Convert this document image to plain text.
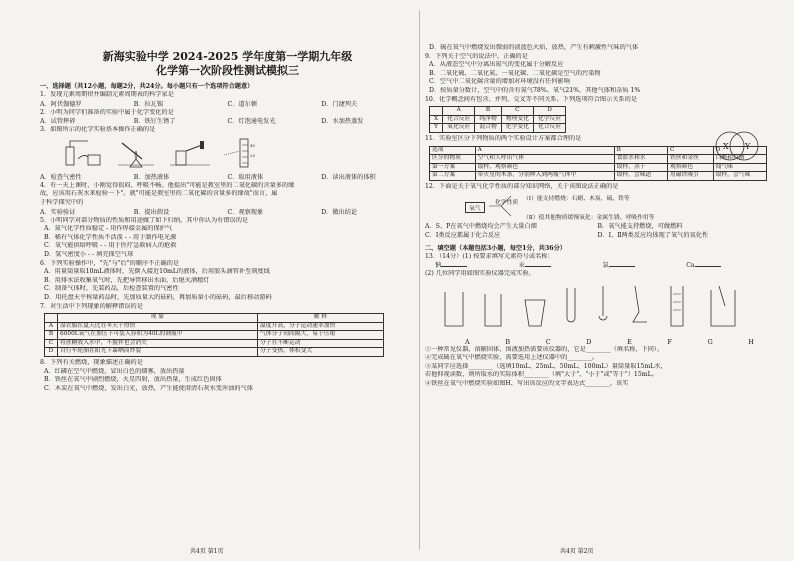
新海实验中学 2024-2025 学年度第一学期九年级
化学第一次阶段性测试模拟三
一、选择题（共12小题，每题2分，共24分。每小题只有一个选项符合题意）
1．发现元素周期律并编制元素周期表的科学家是
A．阿伏伽德罗	B．拉瓦锡	C．道尔顿	D．门捷列夫
2．小明为同学们准备的实验中属于化学变化的是
A．试管摔碎	B．铁钉生锈了	C．灯泡通电发光	D．水加热蒸发
3．如图所示的化学实验基本操作正确的是
40
20
A．检查气密性	B．加热液体	C．取用液体	D．读出液体的体积
4．有一天上课时，小刚觉得很闷、呼吸不畅。他提出"可能是教室里的二氧化碳的含量多的缘
故，应该用石灰水来检验一下"。就"可能是教室里的二氧化碳的含量多的缘故"而言，属
于科学探究中的
A．实验验证	B．提出假设	C．观察现象	D．做出结论
5．小明同学对部分物质的性质和用途做了如下归纳，其中你认为有错误的是
A．氮气化学性质稳定 - 用作焊接金属的保护气
B．稀有气体化学性质不活泼 - - 用于制作电光源
C．氧气能供给呼吸 - - 用于医疗急救病人的抢救
D．氢气密度小 - - 填充探空气球
6．下列实验操作中，"先"与"后"的顺序不正确的是
A．用量筒量取10mL液体时，先倒入接近10mL的液体，后用胶头滴管补至刻度线
B．用排水法收集氧气时，先把导管移出水面，后熄灭酒精灯
C．制备气体时，先装药品，后检查装置的气密性
D．用托盘天平称量药品时，先加质量大的砝码，再加质量小的砝码，最后移动游码
7．对生活中下列现象的解释错误的是
	现 象	解 释
A	湿衣服在夏天比在冬天干得快	温度升高，分子运动速率加快
B	6000L氧气在加压下可装入容积为40L的钢瓶中	气体分子间间隔大，易于压缩
C	将蔗糖放入水中，不搅拌也会消失	分子在不断运动
D	自行车轮胎在阳光下暴晒而炸裂	分子受热，体积变大
8．下列有关燃烧，现象描述正确的是
A．红磷在空气中燃烧，冒出白色的烟雾，放出热量
B．铁丝在氧气中剧烈燃烧，火星四射，放出热量，生成红色固体
C．木炭在氧气中燃烧，发出白光，放热，产生能使澄清石灰水变浑浊的气体
共4页 第1页
D．硫在氧气中燃烧发出微弱的淡蓝色火焰，放热，产生有刺激性气味的气体
9．下列关于空气的说法中，正确的是
A．从液态空气中分离出氮气的变化属于分解反应
B．二氧化硫、二氧化氮、一氧化碳、二氧化碳是空气的污染物
C．空气中二氧化碳含量的增加对环境没有任何影响
D．按质量分数计，空气中的含有氮气78%、氧气21%、其他气体和杂质 1%
10．化学概念间有包含、并列、交叉等不同关系。下列选项符合图示关系的是
	A	B	C	D
X	化合反应	纯净物	物理变化	化学反应
Y	氧化反应	混合物	化学变化	化合反应
X Y
11．实验室区分下列物质的两个实验设计方案都合理的是
选项	A	B	C	D
区分的物质	空气和人呼出气体	食盐水和水	铁丝和金丝	白醋和白酒
第一方案	取样，观察颜色	取样，蒸干	观察颜色	闻气味
第二方案	带火星的木条，分别伸入到两瓶气体中	取样，尝味道	用磁铁吸引	取样，尝气味
12．下面是关于氧气化学性质的部分知识网络，关于该图说法正确的是
氧气
化学性质
（Ⅰ）能支持燃烧：石蜡、木炭、硫、铁等
（Ⅱ）使其他物质缓慢氧化：金属生锈、呼吸作用等
A．S、P在氧气中燃烧均会产生大量白烟	B．氧气能支持燃烧，可做燃料
C．Ⅰ类反应都属于化合反应	D．Ⅰ、Ⅱ两类反应均体现了氧气的氧化性
二、填空题（本题包括3小题，每空1分，共36分）
13．（14分）(1) 按要求填写元素符号或名称：
钠	汞	氯	Ca
(2) 几位同学用如图实验仪器完成实验。
A	B	C	D	E	F	G	H
①一种常见仪器，溶解固体、围液加热需要该仪器的，它是________（填名称，下同）。
②完成硫在氧气中燃烧实验，需要选用上述仪器中的________。
③某同学应选择________（选填10mL、25mL、50mL、100mL）量筒量取15mL水，
若他仰视读数，则所取水的实际体积________（填"大于"、"小于"或"等于"）15mL。
④铁丝在氧气中燃烧实验如图H，写出该反应的文字表达式________，该实
共4页 第2页
